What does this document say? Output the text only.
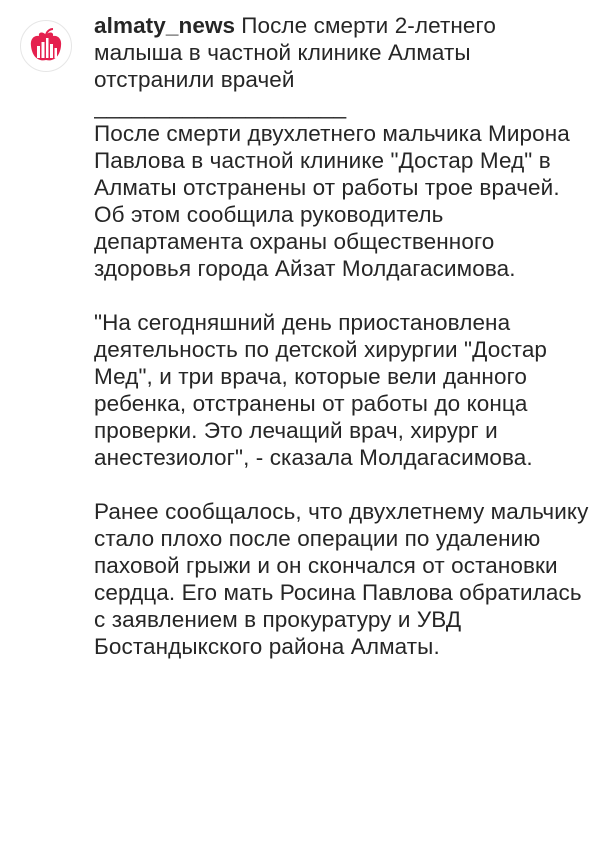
almaty_news После смерти 2-летнего малыша в частной клинике Алматы отстранили врачей

____________________

После смерти двухлетнего мальчика Мирона Павлова в частной клинике "Достар Мед" в Алматы отстранены от работы трое врачей. Об этом сообщила руководитель департамента охраны общественного здоровья города Айзат Молдагасимова.

"На сегодняшний день приостановлена деятельность по детской хирургии "Достар Мед", и три врача, которые вели данного ребенка, отстранены от работы до конца проверки. Это лечащий врач, хирург и анестезиолог", - сказала Молдагасимова.

Ранее сообщалось, что двухлетнему мальчику стало плохо после операции по удалению паховой грыжи и он скончался от остановки сердца. Его мать Росина Павлова обратилась с заявлением в прокуратуру и УВД Бостандыкского района Алматы.
